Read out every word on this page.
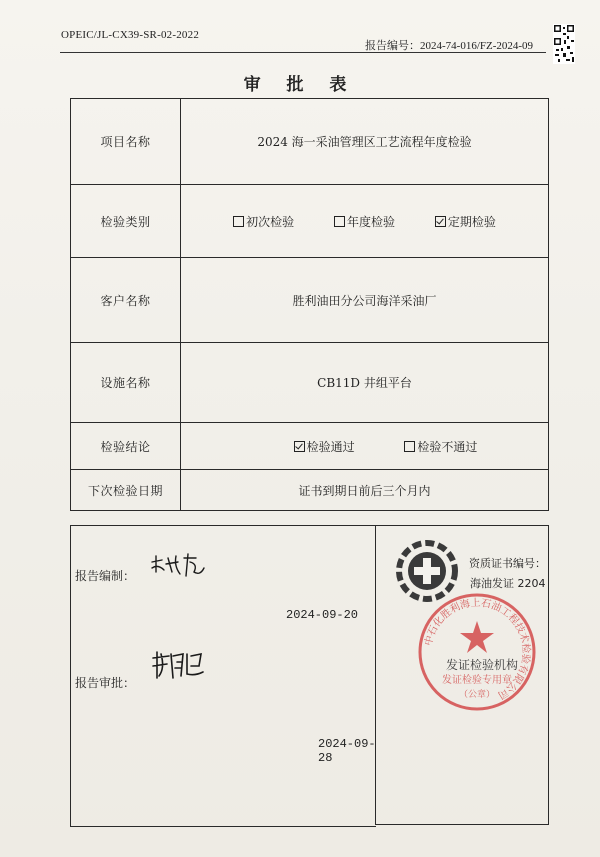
OPEIC/JL-CX39-SR-02-2022
报告编号：2024-74-016/FZ-2024-09
审 批 表
项目名称	2024 海一采油管理区工艺流程年度检验
检验类别	初次检验
年度检验
定期检验

客户名称	胜利油田分公司海洋采油厂
设施名称	CB11D 井组平台
检验结论	检验通过
检验不通过

下次检验日期	证书到期日前后三个月内
报告编制：
2024-09-20
报告审批：
2024-09-28
资质证书编号：
海油发证 2204
中石化胜利海上石油工程技术检验有限公司
发证检验专用章
（公章）
发证检验机构
